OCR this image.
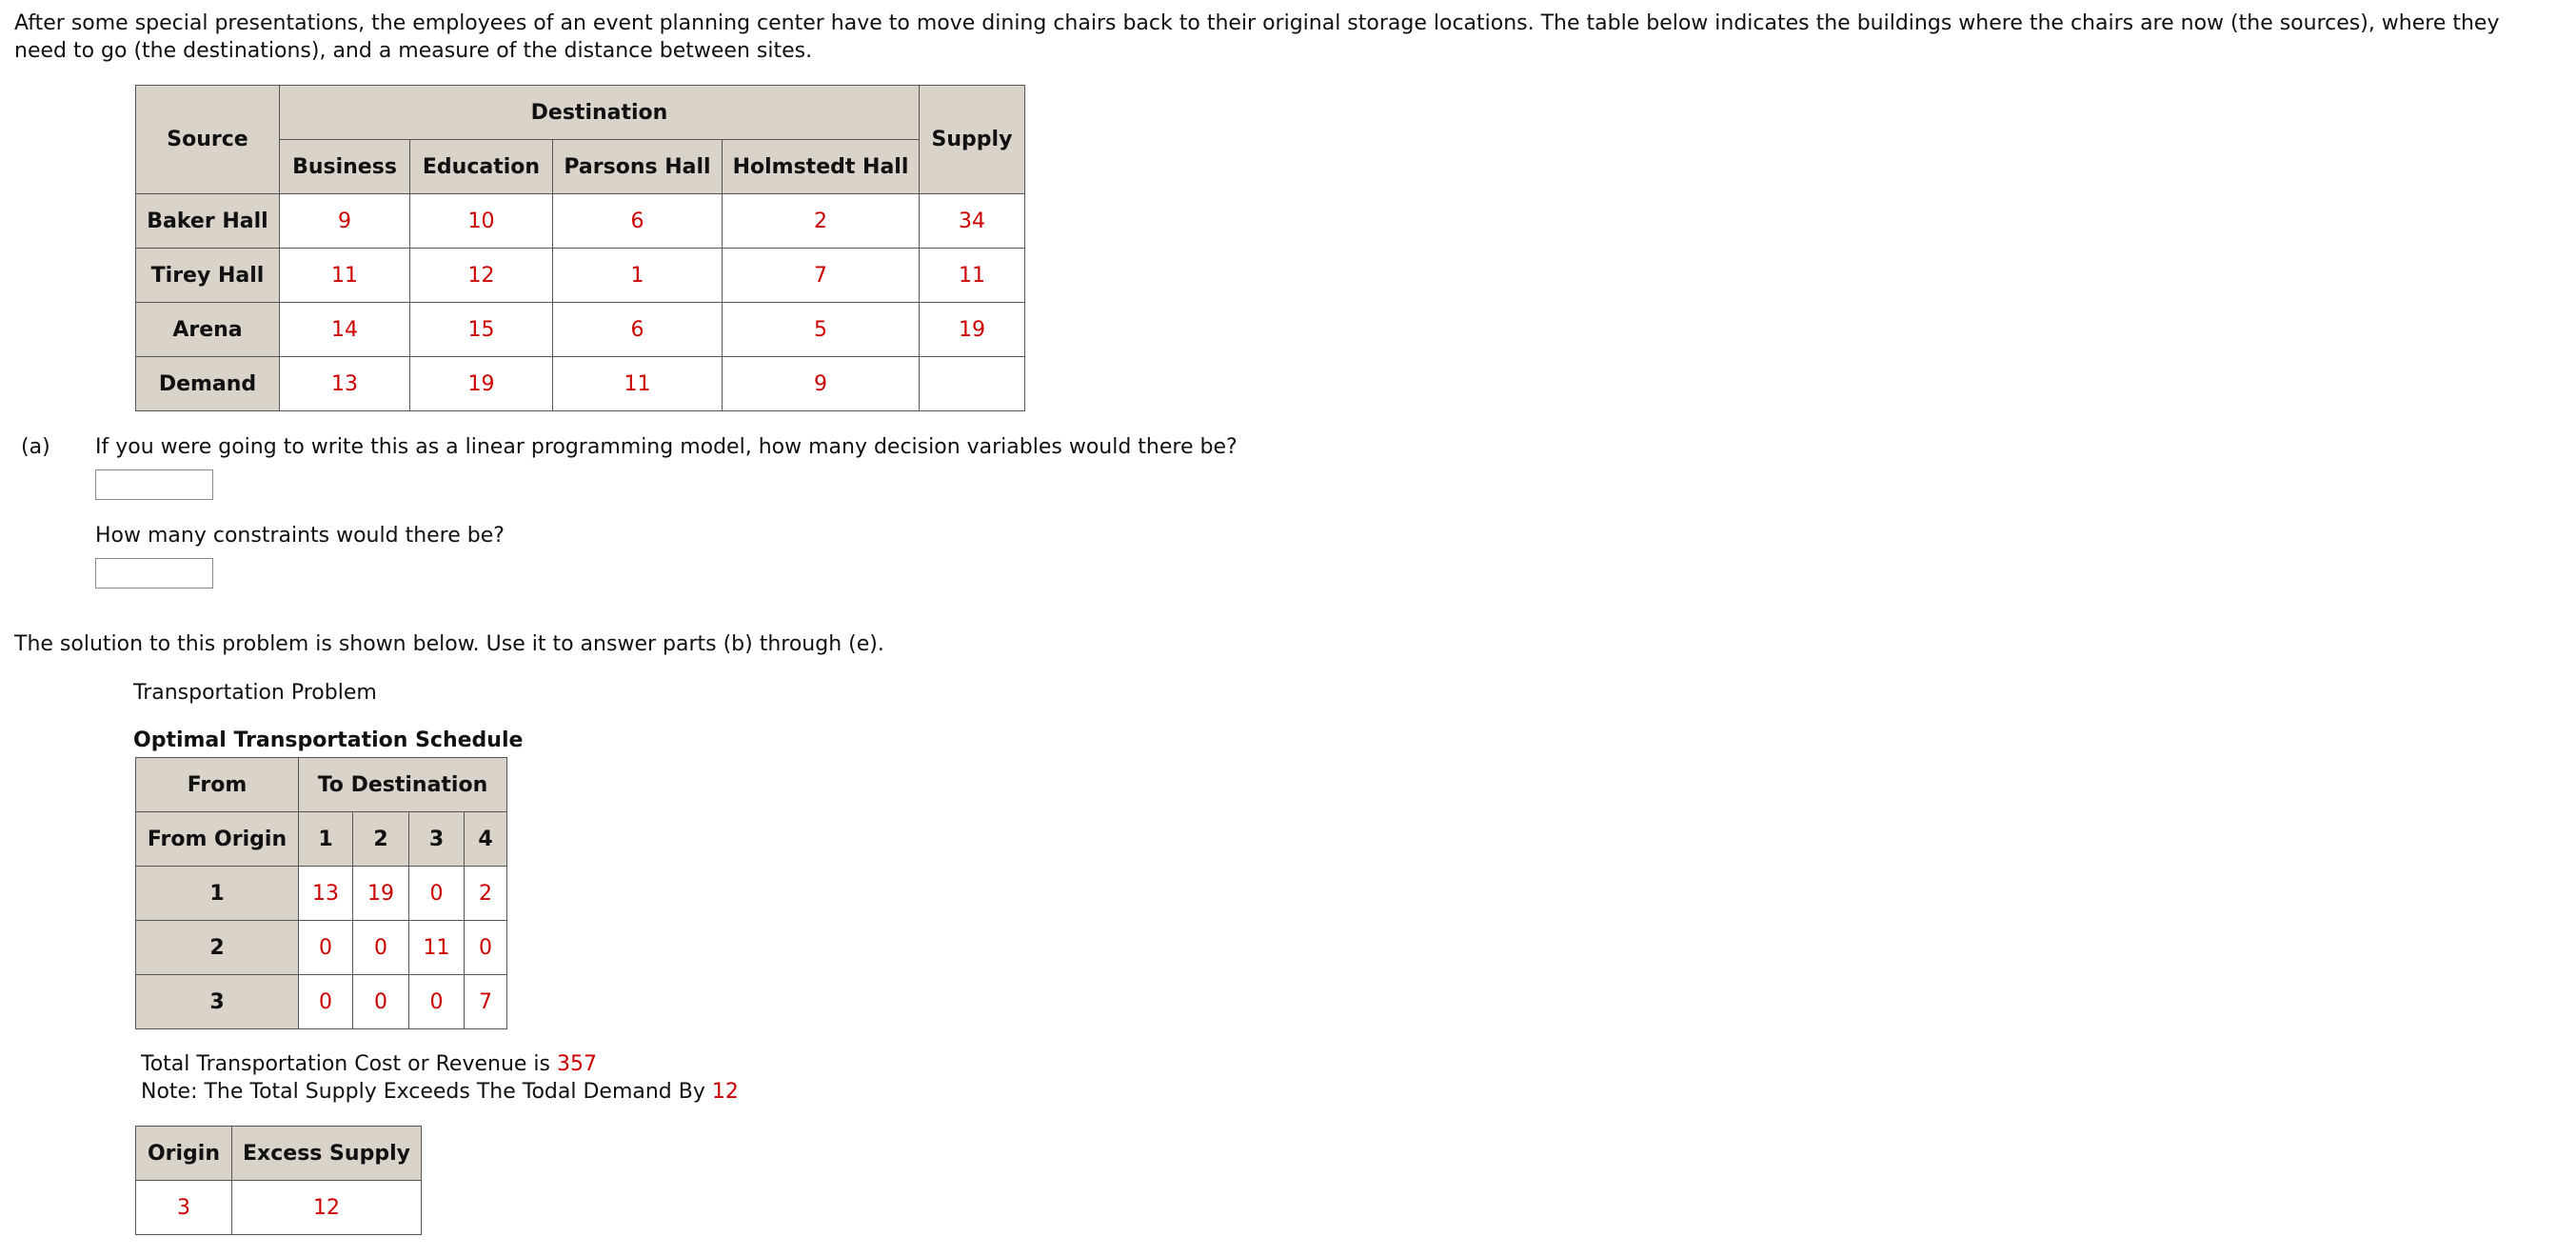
After some special presentations, the employees of an event planning center have to move dining chairs back to their original storage locations. The table below indicates the buildings where the chairs are now (the sources), where they need to go (the destinations), and a measure of the distance between sites.

Source	Destination				Supply
	Business	Education	Parsons Hall	Holmstedt Hall	
Baker Hall	9	10	6	2	34
Tirey Hall	11	12	1	7	11
Arena	14	15	6	5	19
Demand	13	19	11	9	
(a) If you were going to write this as a linear programming model, how many decision variables would there be?
How many constraints would there be?
The solution to this problem is shown below. Use it to answer parts (b) through (e).
Transportation Problem
Optimal Transportation Schedule
From	To Destination			
From Origin	1	2	3	4
1	13	19	0	2
2	0	0	11	0
3	0	0	0	7
Total Transportation Cost or Revenue is 357
Note: The Total Supply Exceeds The Todal Demand By 12
Origin	Excess Supply
3	12
